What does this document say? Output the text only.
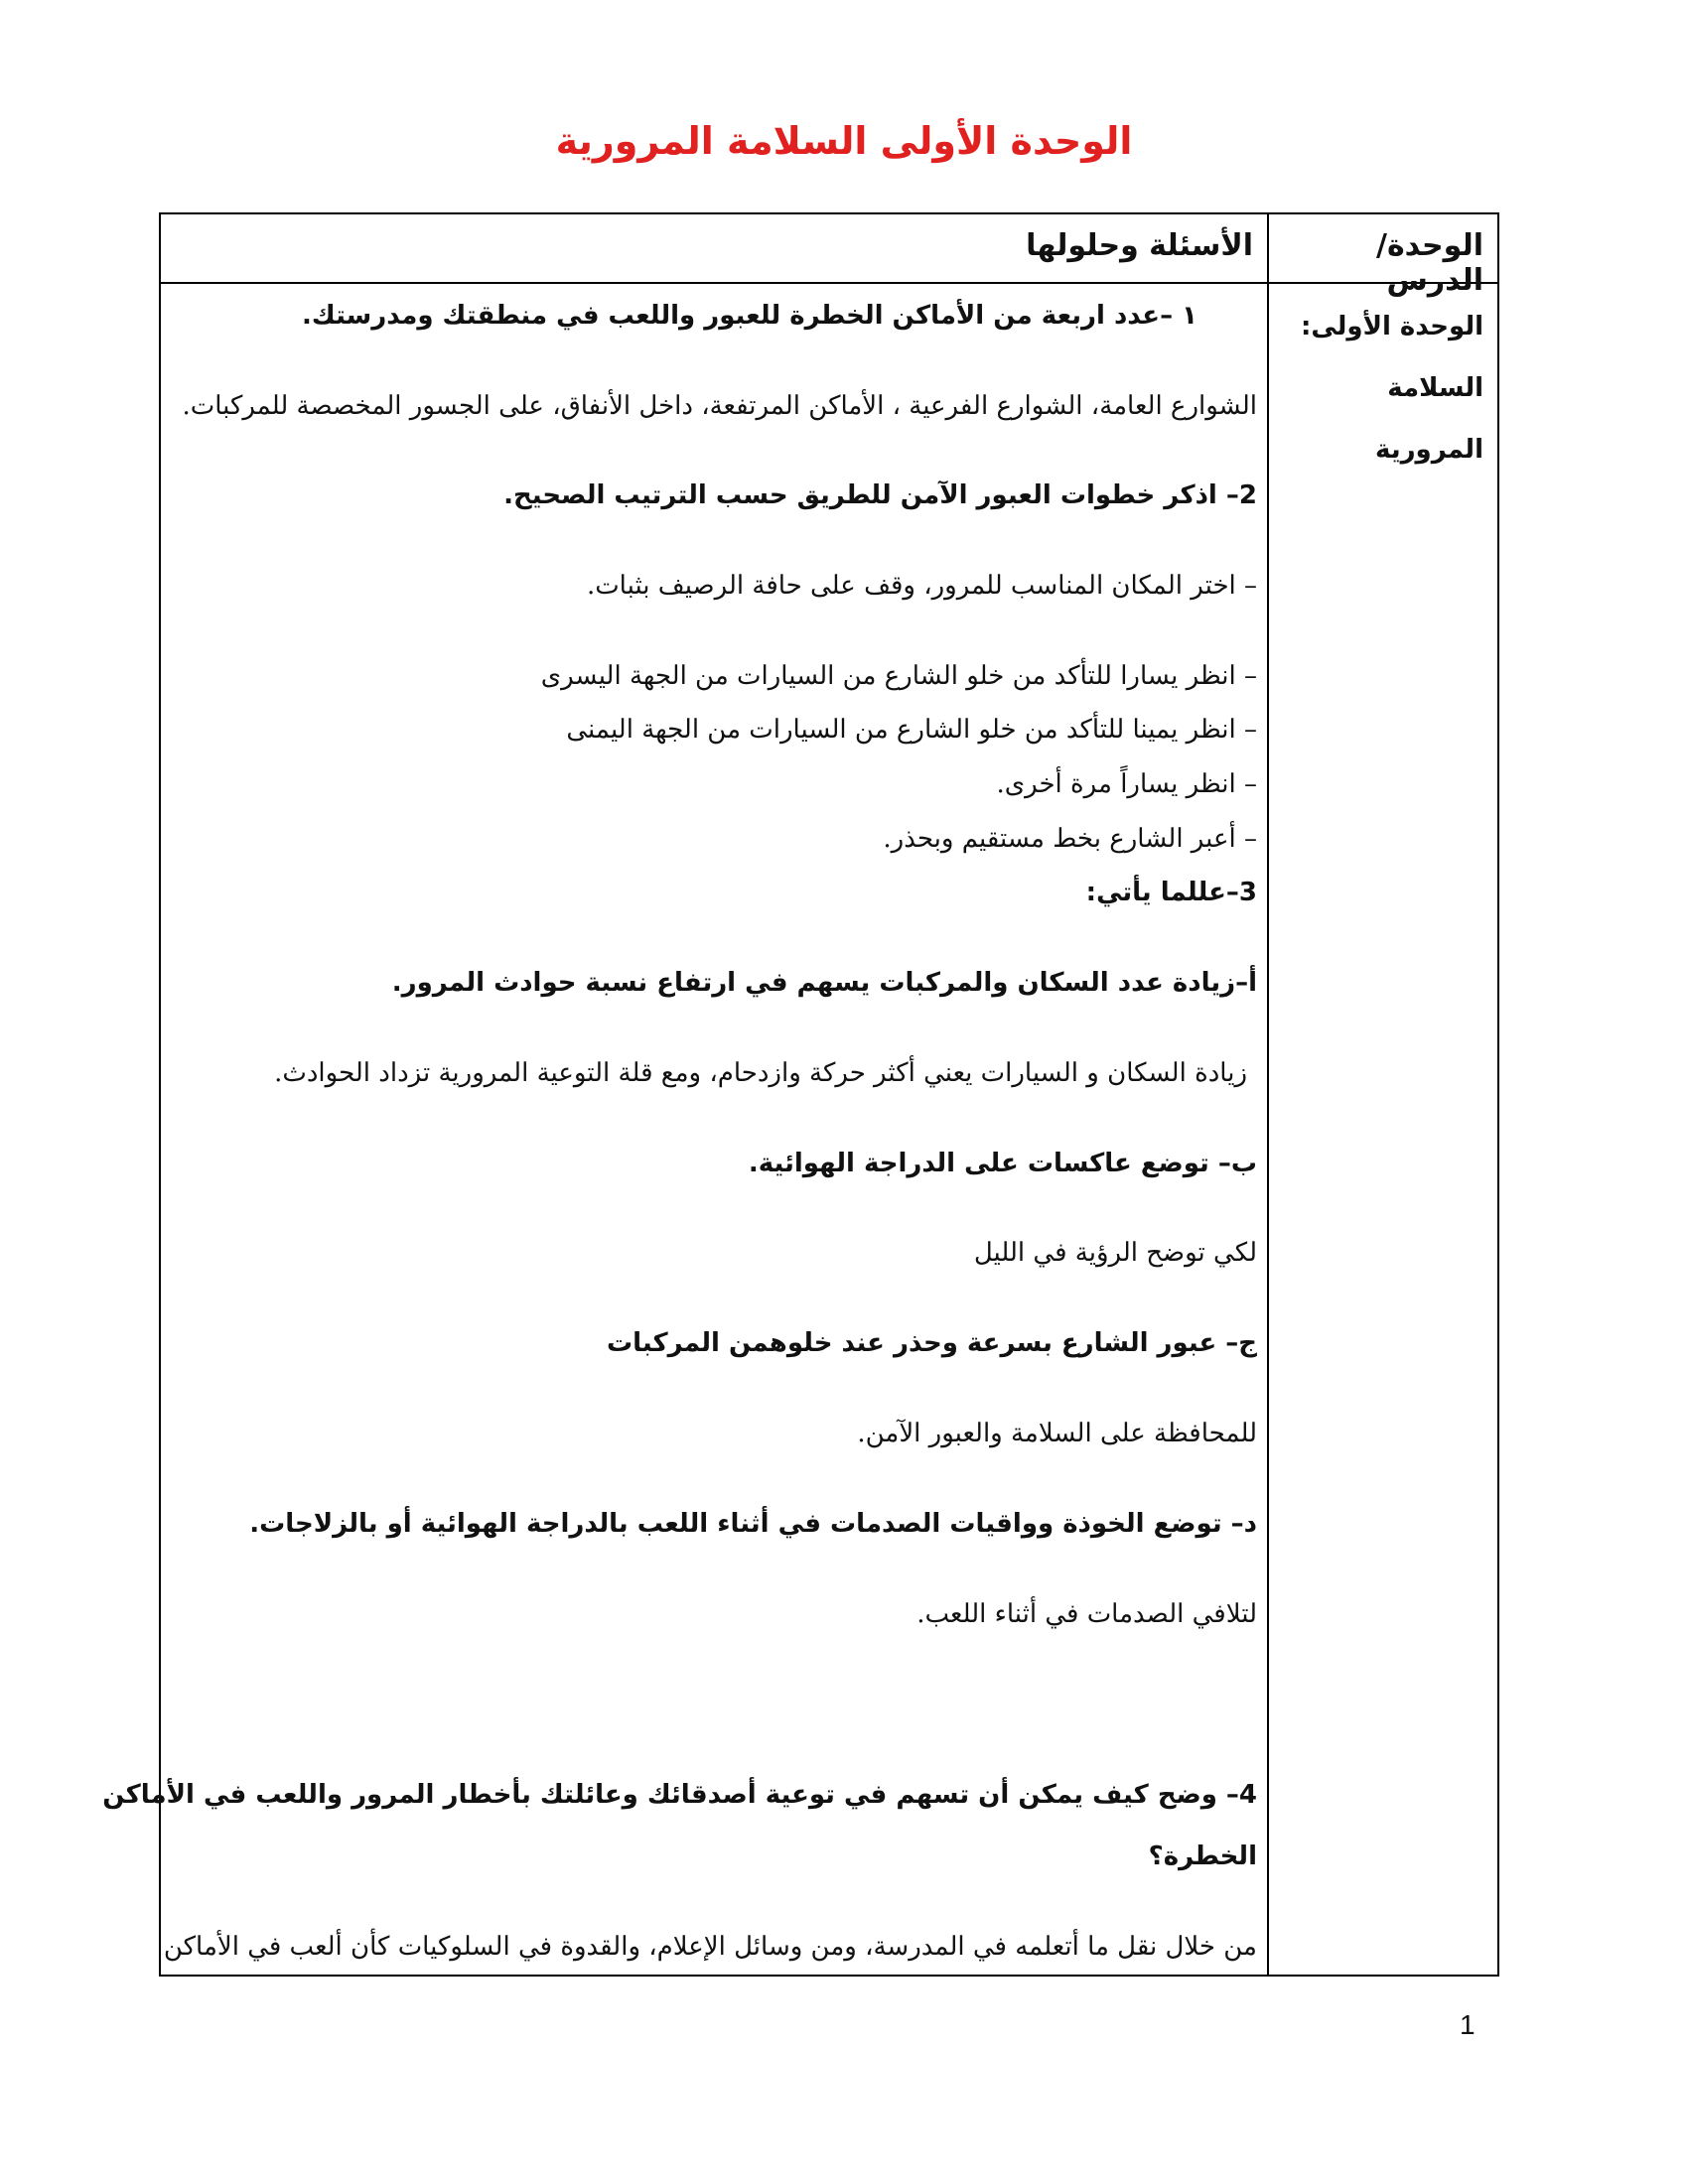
الوحدة الأولى السلامة المرورية
الوحدة/ الدرس
الأسئلة وحلولها
الوحدة الأولى:
السلامة المرورية
١ –عدد اربعة من الأماكن الخطرة للعبور واللعب في منطقتك ومدرستك.
الشوارع العامة، الشوارع الفرعية ، الأماكن المرتفعة، داخل الأنفاق، على الجسور المخصصة للمركبات.
2– اذكر خطوات العبور الآمن للطريق حسب الترتيب الصحيح.
– اختر المكان المناسب للمرور، وقف على حافة الرصيف بثبات.
– انظر يسارا للتأكد من خلو الشارع من السيارات من الجهة اليسرى
– انظر يمينا للتأكد من خلو الشارع من السيارات من الجهة اليمنى
– انظر يساراً مرة أخرى.
– أعبر الشارع بخط مستقيم وبحذر.
3–عللما يأتي:
أ–زيادة عدد السكان والمركبات يسهم في ارتفاع نسبة حوادث المرور.
زيادة السكان و السيارات يعني أكثر حركة وازدحام، ومع قلة التوعية المرورية تزداد الحوادث.
ب– توضع عاكسات على الدراجة الهوائية.
لكي توضح الرؤية في الليل
ج– عبور الشارع بسرعة وحذر عند خلوهمن المركبات
للمحافظة على السلامة والعبور الآمن.
د– توضع الخوذة وواقيات الصدمات في أثناء اللعب بالدراجة الهوائية أو بالزلاجات.
لتلافي الصدمات في أثناء اللعب.
4– وضح كيف يمكن أن تسهم في توعية أصدقائك وعائلتك بأخطار المرور واللعب في الأماكن
الخطرة؟
من خلال نقل ما أتعلمه في المدرسة، ومن وسائل الإعلام، والقدوة في السلوكيات كأن ألعب في الأماكن
1
